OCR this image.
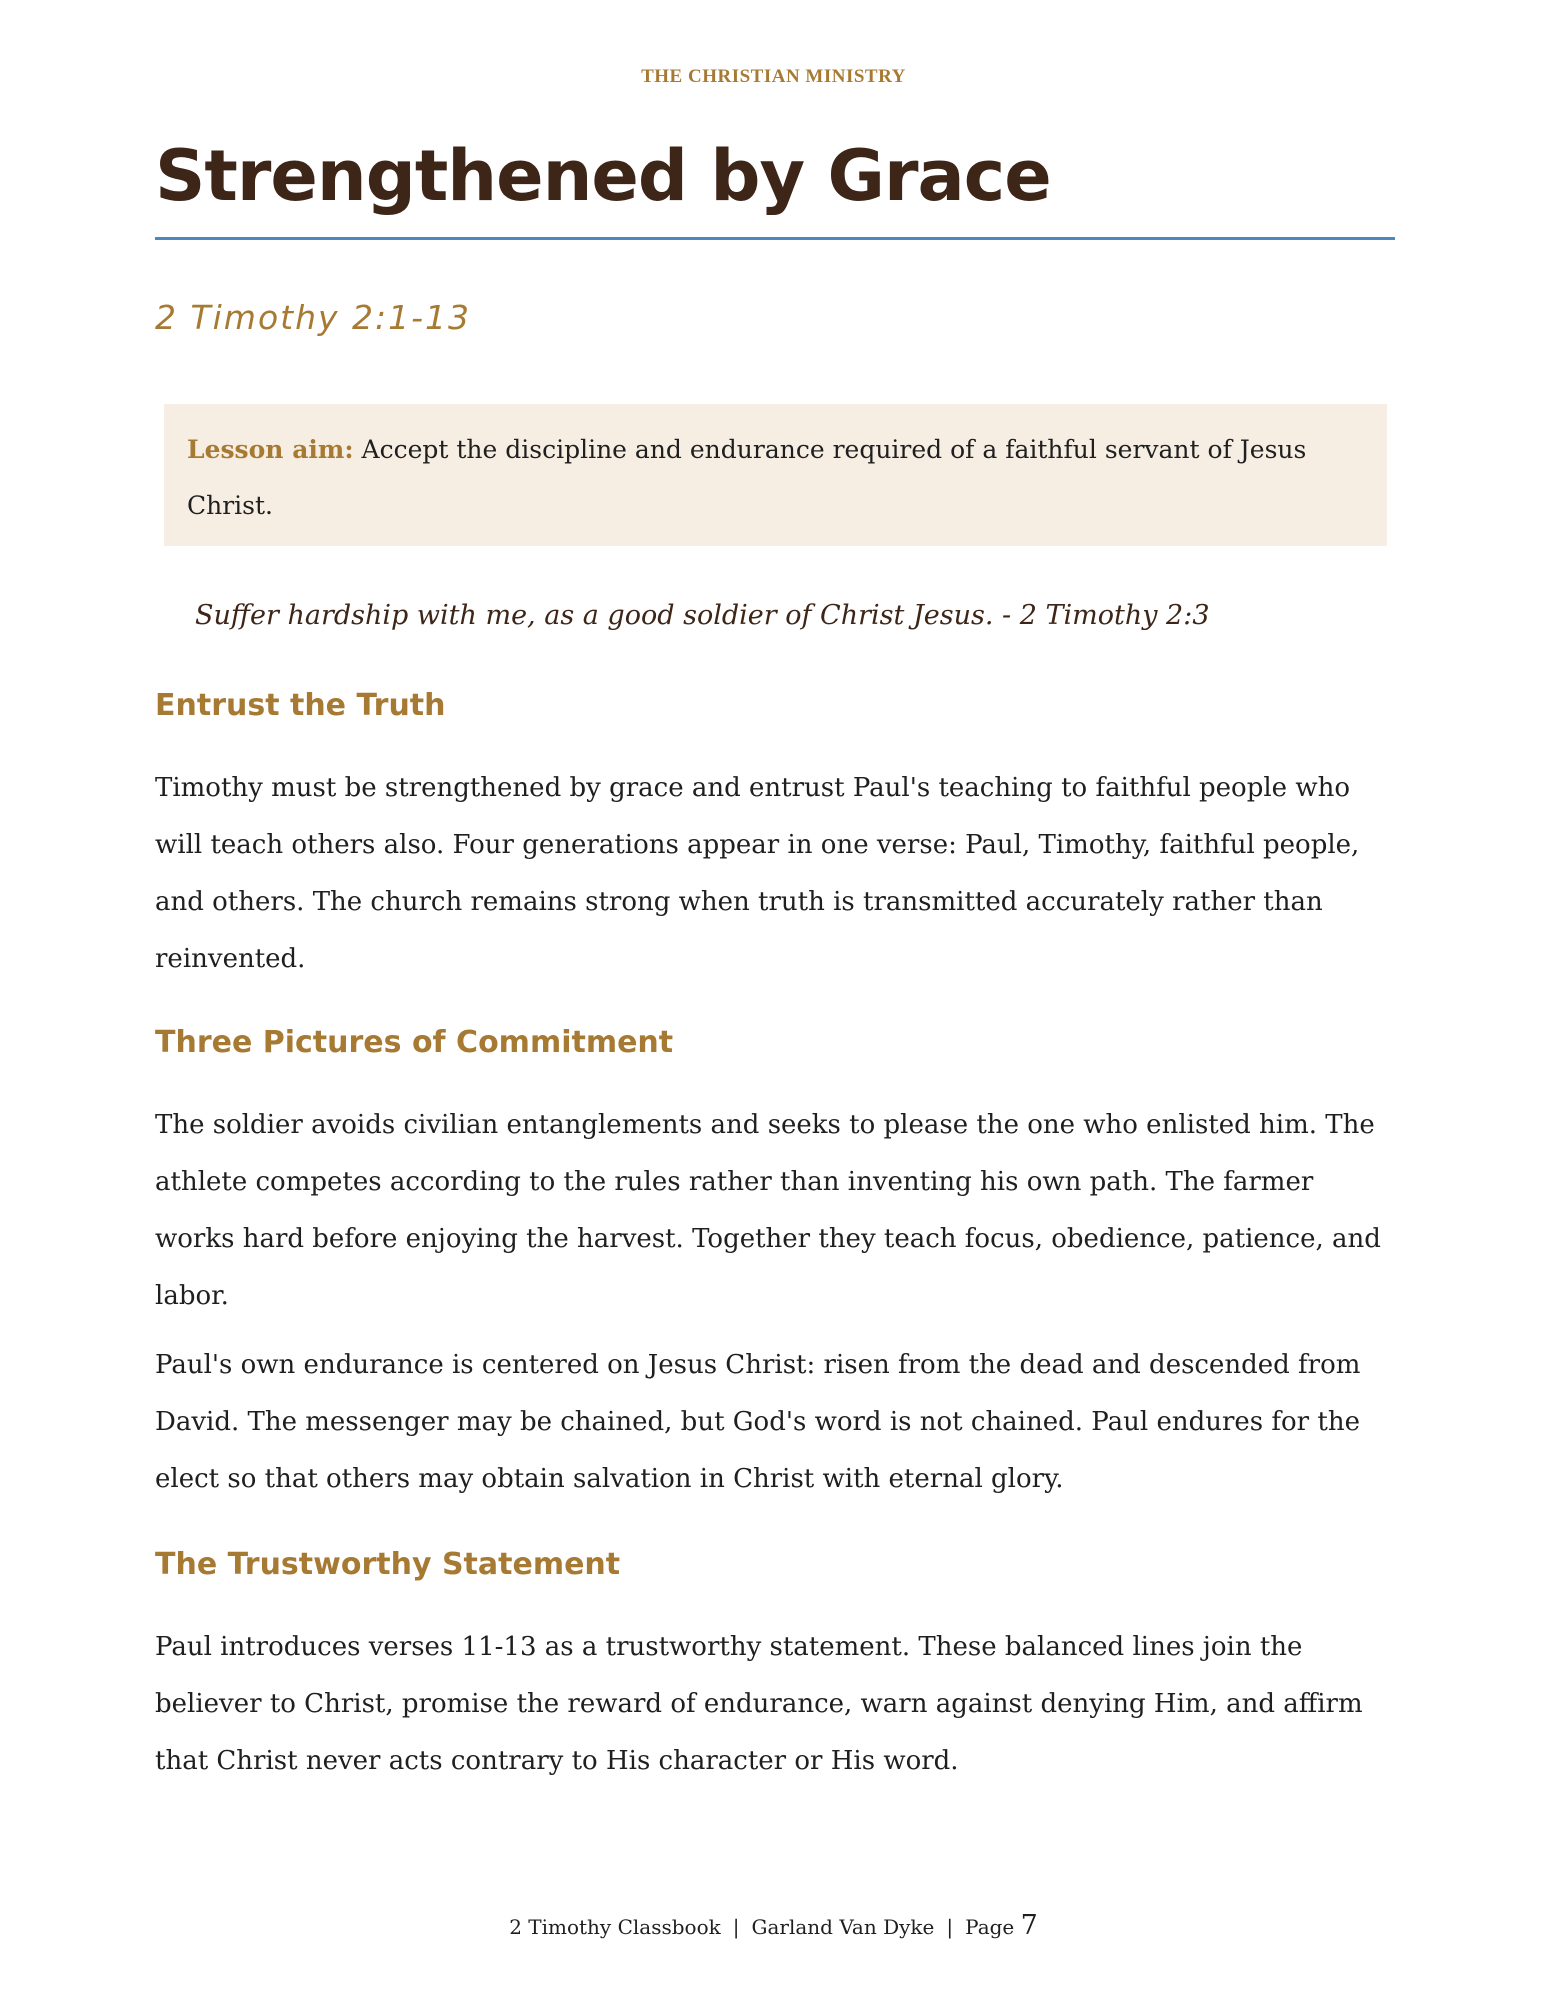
THE CHRISTIAN MINISTRY
Strengthened by Grace
2 Timothy 2:1-13
Lesson aim: Accept the discipline and endurance required of a faithful servant of Jesus Christ.
Suffer hardship with me, as a good soldier of Christ Jesus. - 2 Timothy 2:3
Entrust the Truth

Timothy must be strengthened by grace and entrust Paul's teaching to faithful people who will teach others also. Four generations appear in one verse: Paul, Timothy, faithful people, and others. The church remains strong when truth is transmitted accurately rather than reinvented.

Three Pictures of Commitment

The soldier avoids civilian entanglements and seeks to please the one who enlisted him. The athlete competes according to the rules rather than inventing his own path. The farmer works hard before enjoying the harvest. Together they teach focus, obedience, patience, and labor.

Paul's own endurance is centered on Jesus Christ: risen from the dead and descended from David. The messenger may be chained, but God's word is not chained. Paul endures for the elect so that others may obtain salvation in Christ with eternal glory.

The Trustworthy Statement

Paul introduces verses 11-13 as a trustworthy statement. These balanced lines join the believer to Christ, promise the reward of endurance, warn against denying Him, and affirm that Christ never acts contrary to His character or His word.

2 Timothy Classbook | Garland Van Dyke | Page 7
